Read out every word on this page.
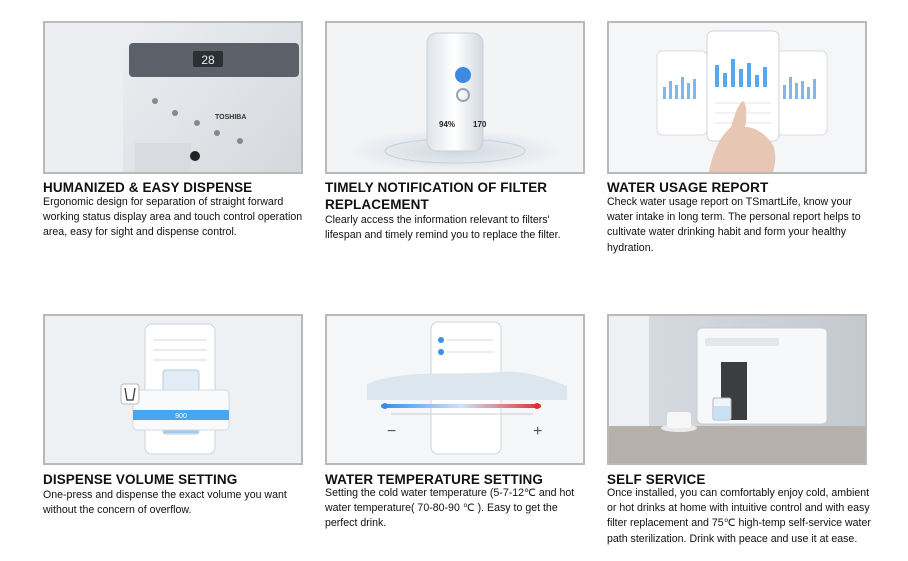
28
TOSHIBA
HUMANIZED & EASY DISPENSE
Ergonomic design for separation of straight forward working status display area and touch control operation area, easy for sight and dispense control.
94% 170
TIMELY NOTIFICATION OF FILTER REPLACEMENT
Clearly access the information relevant to filters' lifespan and timely remind you to replace the filter.
WATER USAGE REPORT
Check water usage report on TSmartLife, know your water intake in long term. The personal report helps to cultivate water drinking habit and form your healthy hydration.
900
DISPENSE VOLUME SETTING
One-press and dispense the exact volume you want without the concern of overflow.
−	+
WATER TEMPERATURE SETTING
Setting the cold water temperature (5-7-12℃ and hot water temperature( 70-80-90 ℃ ). Easy to get the perfect drink.
SELF SERVICE
Once installed, you can comfortably enjoy cold, ambient or hot drinks at home with intuitive control and with easy filter replacement and 75℃ high-temp self-service water path sterilization. Drink with peace and use it at ease.
